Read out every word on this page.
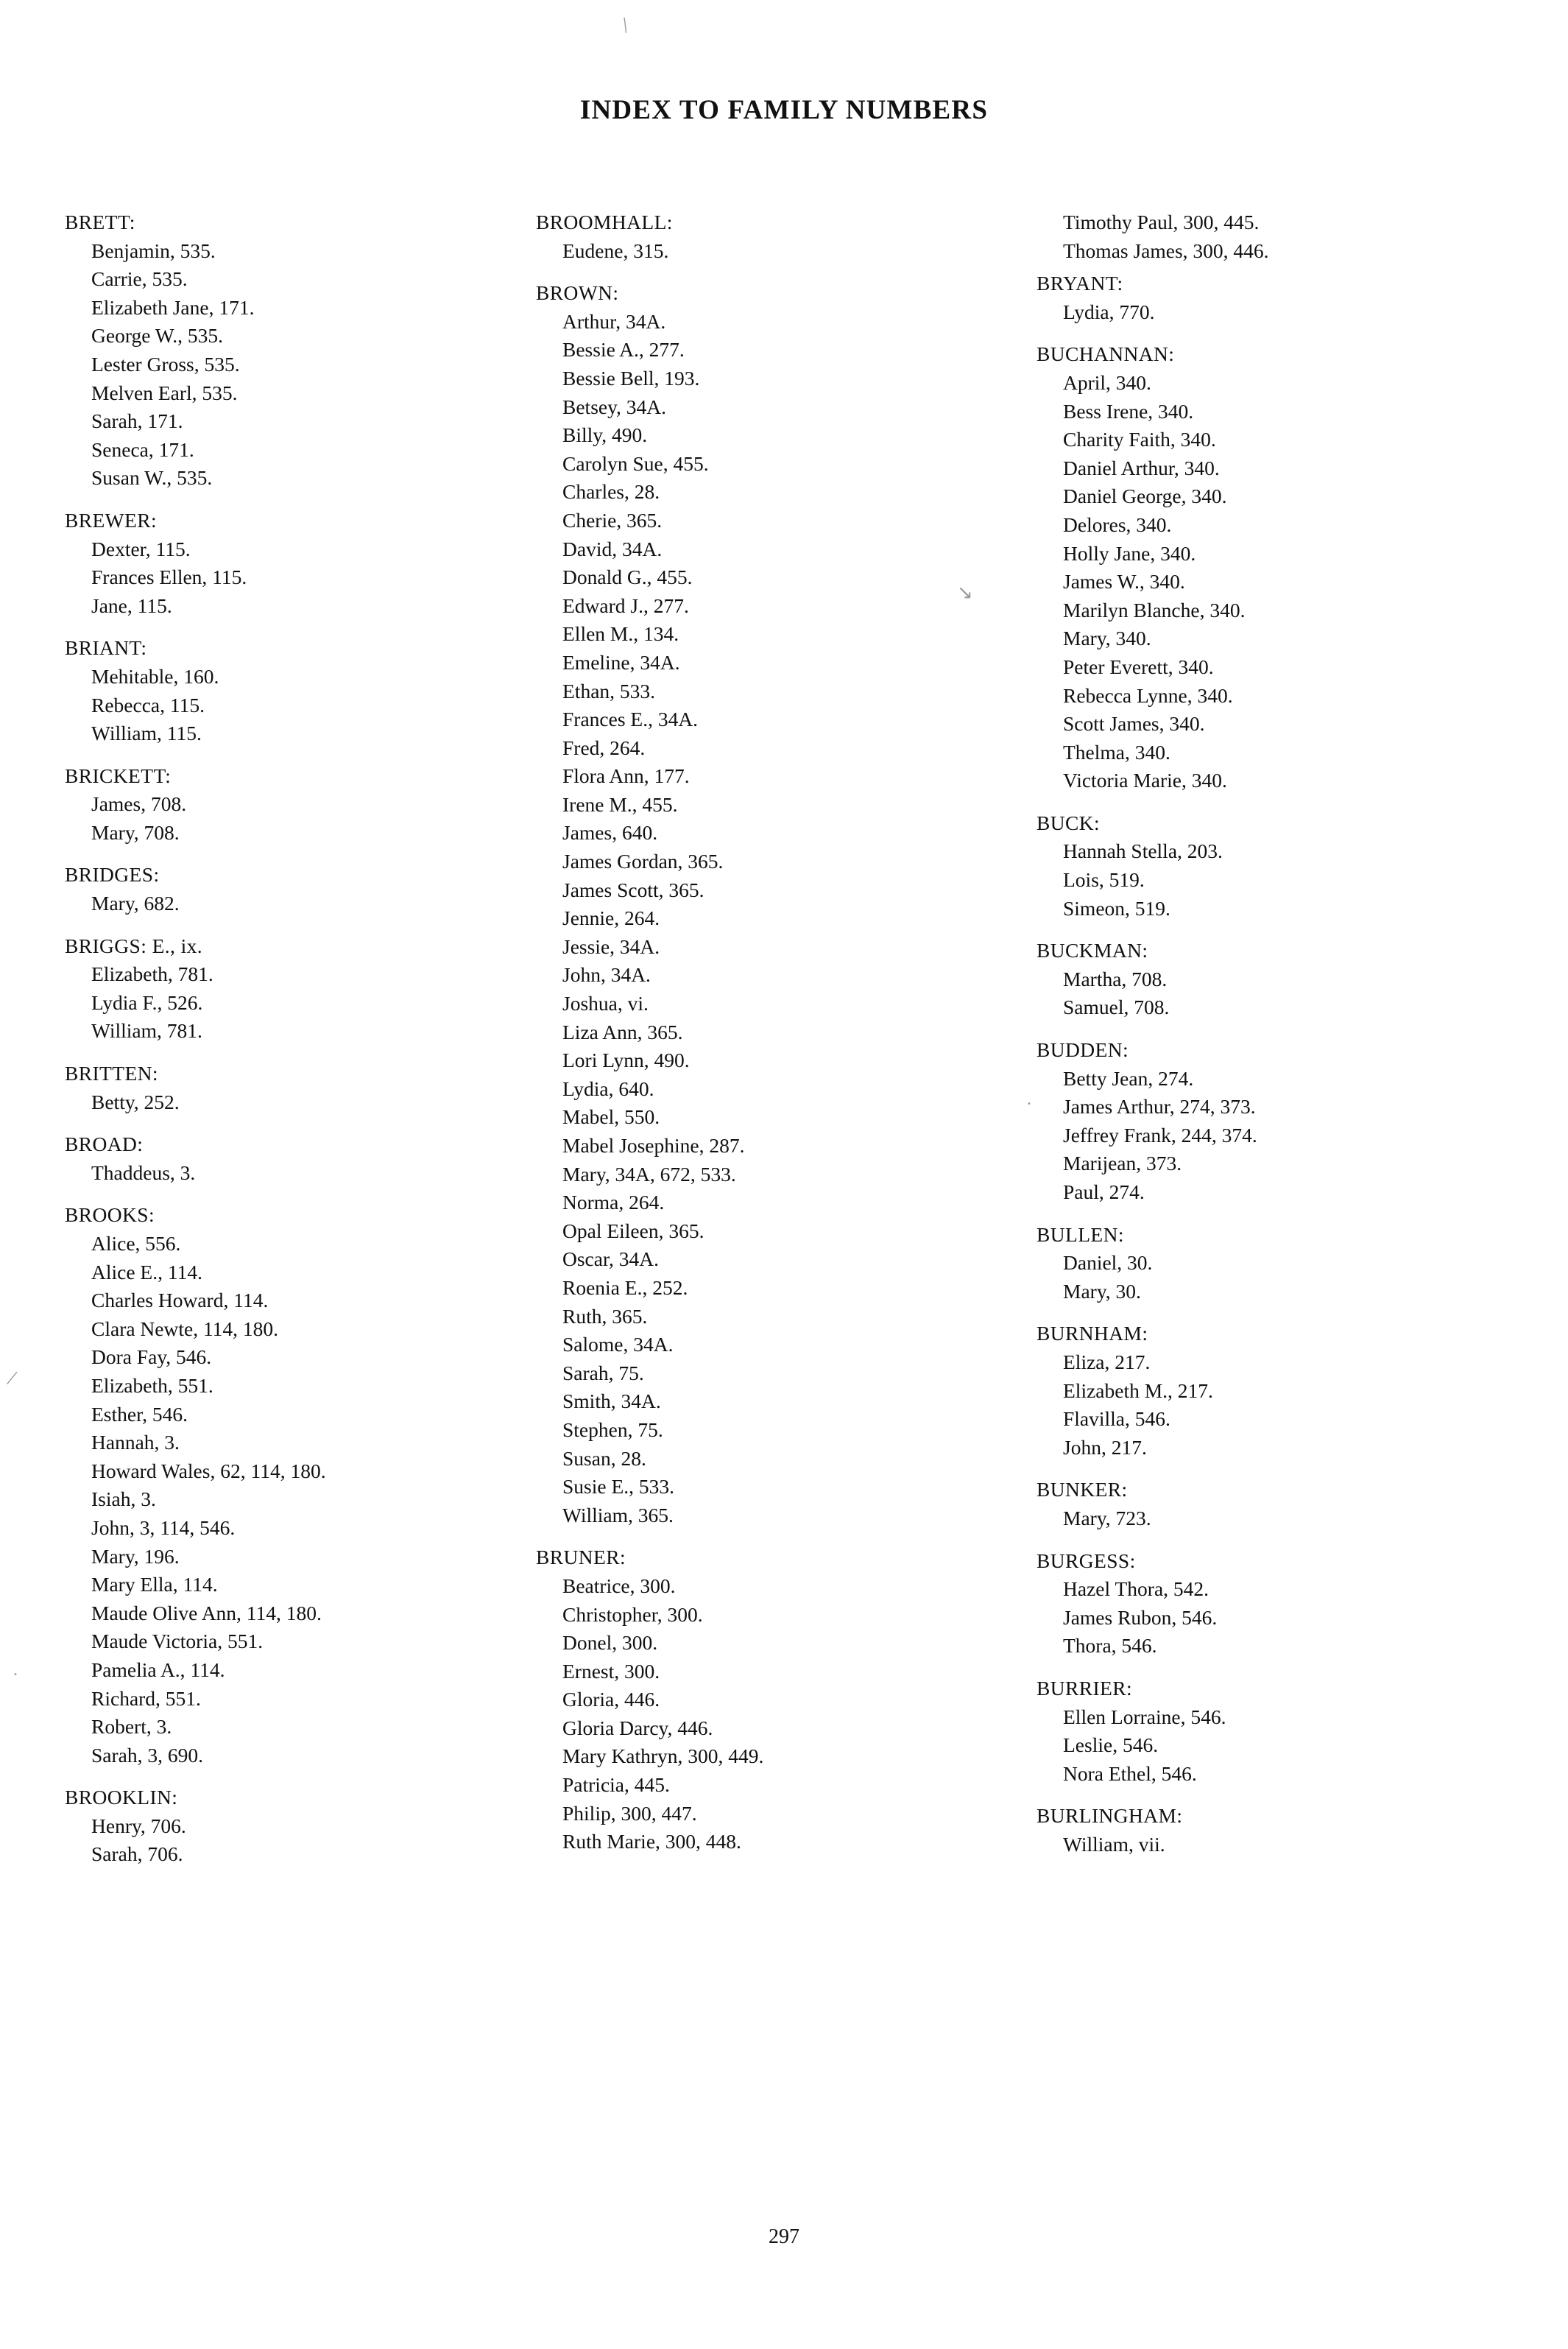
\
↘
/
.
.
INDEX TO FAMILY NUMBERS
BRETT:
Benjamin, 535.
Carrie, 535.
Elizabeth Jane, 171.
George W., 535.
Lester Gross, 535.
Melven Earl, 535.
Sarah, 171.
Seneca, 171.
Susan W., 535.
BREWER:
Dexter, 115.
Frances Ellen, 115.
Jane, 115.
BRIANT:
Mehitable, 160.
Rebecca, 115.
William, 115.
BRICKETT:
James, 708.
Mary, 708.
BRIDGES:
Mary, 682.
BRIGGS: E., ix.
Elizabeth, 781.
Lydia F., 526.
William, 781.
BRITTEN:
Betty, 252.
BROAD:
Thaddeus, 3.
BROOKS:
Alice, 556.
Alice E., 114.
Charles Howard, 114.
Clara Newte, 114, 180.
Dora Fay, 546.
Elizabeth, 551.
Esther, 546.
Hannah, 3.
Howard Wales, 62, 114, 180.
Isiah, 3.
John, 3, 114, 546.
Mary, 196.
Mary Ella, 114.
Maude Olive Ann, 114, 180.
Maude Victoria, 551.
Pamelia A., 114.
Richard, 551.
Robert, 3.
Sarah, 3, 690.
BROOKLIN:
Henry, 706.
Sarah, 706.
BROOMHALL:
Eudene, 315.
BROWN:
Arthur, 34A.
Bessie A., 277.
Bessie Bell, 193.
Betsey, 34A.
Billy, 490.
Carolyn Sue, 455.
Charles, 28.
Cherie, 365.
David, 34A.
Donald G., 455.
Edward J., 277.
Ellen M., 134.
Emeline, 34A.
Ethan, 533.
Frances E., 34A.
Fred, 264.
Flora Ann, 177.
Irene M., 455.
James, 640.
James Gordan, 365.
James Scott, 365.
Jennie, 264.
Jessie, 34A.
John, 34A.
Joshua, vi.
Liza Ann, 365.
Lori Lynn, 490.
Lydia, 640.
Mabel, 550.
Mabel Josephine, 287.
Mary, 34A, 672, 533.
Norma, 264.
Opal Eileen, 365.
Oscar, 34A.
Roenia E., 252.
Ruth, 365.
Salome, 34A.
Sarah, 75.
Smith, 34A.
Stephen, 75.
Susan, 28.
Susie E., 533.
William, 365.
BRUNER:
Beatrice, 300.
Christopher, 300.
Donel, 300.
Ernest, 300.
Gloria, 446.
Gloria Darcy, 446.
Mary Kathryn, 300, 449.
Patricia, 445.
Philip, 300, 447.
Ruth Marie, 300, 448.
Timothy Paul, 300, 445.
Thomas James, 300, 446.
BRYANT:
Lydia, 770.
BUCHANNAN:
April, 340.
Bess Irene, 340.
Charity Faith, 340.
Daniel Arthur, 340.
Daniel George, 340.
Delores, 340.
Holly Jane, 340.
James W., 340.
Marilyn Blanche, 340.
Mary, 340.
Peter Everett, 340.
Rebecca Lynne, 340.
Scott James, 340.
Thelma, 340.
Victoria Marie, 340.
BUCK:
Hannah Stella, 203.
Lois, 519.
Simeon, 519.
BUCKMAN:
Martha, 708.
Samuel, 708.
BUDDEN:
Betty Jean, 274.
James Arthur, 274, 373.
Jeffrey Frank, 244, 374.
Marijean, 373.
Paul, 274.
BULLEN:
Daniel, 30.
Mary, 30.
BURNHAM:
Eliza, 217.
Elizabeth M., 217.
Flavilla, 546.
John, 217.
BUNKER:
Mary, 723.
BURGESS:
Hazel Thora, 542.
James Rubon, 546.
Thora, 546.
BURRIER:
Ellen Lorraine, 546.
Leslie, 546.
Nora Ethel, 546.
BURLINGHAM:
William, vii.
297
